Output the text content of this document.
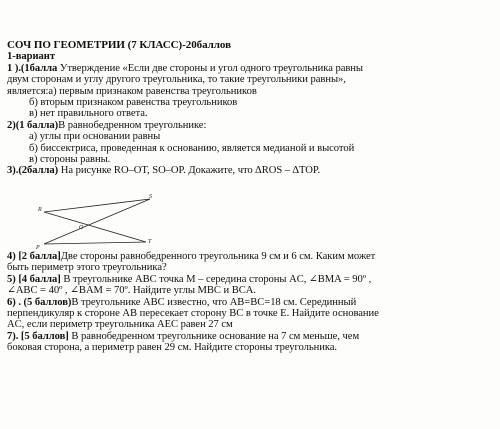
СОЧ ПО ГЕОМЕТРИИ (7 КЛАСС)-20баллов
1-вариант
1 ).(1балла Утверждение «Если две стороны и угол одного треугольника равны
двум сторонам и углу другого треугольника, то такие треугольники равны»,
является:а) первым признаком равенства треугольников
б) вторым признаком равенства треугольников
в) нет правильного ответа.
2)(1 балла)В равнобедренном треугольнике:
а) углы при основании равны
б) биссектриса, проведенная к основанию, является медианой и высотой
в) стороны равны.
3).(2балла) На рисунке RO–OT, SO–OP. Докажите, что ∆ROS – ∆TOP.
4) [2 балла]Две стороны равнобедренного треугольника 9 см и 6 см. Каким может
быть периметр этого треугольника?
5) [4 балла] В треугольнике ABC точка M – середина стороны AC, ∠BMA = 90º ,
∠ABC = 40º , ∠BAM = 70º. Найдите углы MBC и BCA.
6) . (5 баллов)В треугольнике ABC известно, что AB=BC=18 см. Серединный
перпендикуляр к стороне AB пересекает сторону BC в точке E. Найдите основание
AC, если периметр треугольника AEC равен 27 см
7). [5 баллов] В равнобедренном треугольнике основание на 7 см меньше, чем
боковая сторона, а периметр равен 29 см. Найдите стороны треугольника.
S
R
O
T
P
